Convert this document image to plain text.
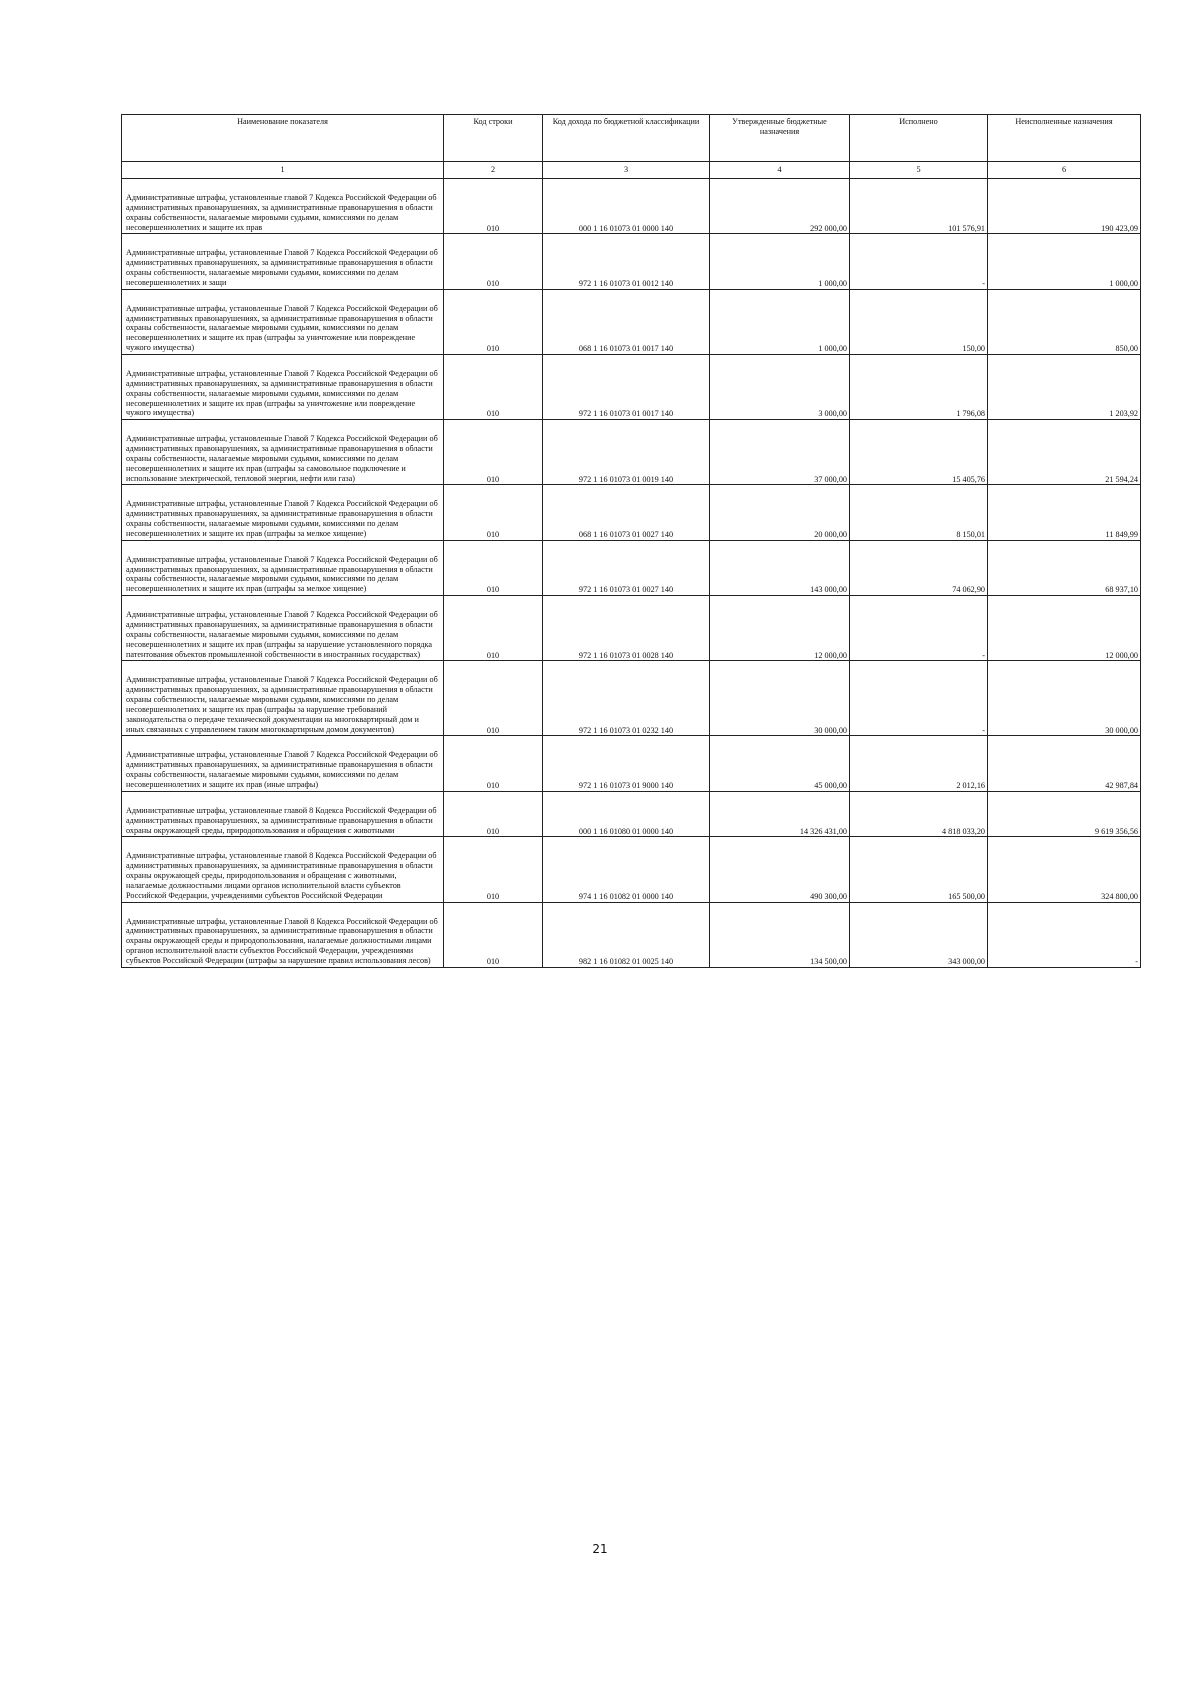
Наименование показателя	Код строки	Код дохода по бюджетной классификации	Утвержденные бюджетные назначения	Исполнено	Неисполненные назначения
1	2	3	4	5	6

Административные штрафы, установленные главой 7 Кодекса Российской Федерации об административных правонарушениях, за административные правонарушения в области охраны собственности, налагаемые мировыми судьями, комиссиями по делам несовершеннолетних и защите их прав	010	000 1 16 01073 01 0000 140	292 000,00	101 576,91	190 423,09

Административные штрафы, установленные Главой 7 Кодекса Российской Федерации об административных правонарушениях, за административные правонарушения в области охраны собственности, налагаемые мировыми судьями, комиссиями по делам несовершеннолетних и защи	010	972 1 16 01073 01 0012 140	1 000,00	-	1 000,00

Административные штрафы, установленные Главой 7 Кодекса Российской Федерации об административных правонарушениях, за административные правонарушения в области охраны собственности, налагаемые мировыми судьями, комиссиями по делам несовершеннолетних и защите их прав (штрафы за уничтожение или повреждение чужого имущества)	010	068 1 16 01073 01 0017 140	1 000,00	150,00	850,00

Административные штрафы, установленные Главой 7 Кодекса Российской Федерации об административных правонарушениях, за административные правонарушения в области охраны собственности, налагаемые мировыми судьями, комиссиями по делам несовершеннолетних и защите их прав (штрафы за уничтожение или повреждение чужого имущества)	010	972 1 16 01073 01 0017 140	3 000,00	1 796,08	1 203,92

Административные штрафы, установленные Главой 7 Кодекса Российской Федерации об административных правонарушениях, за административные правонарушения в области охраны собственности, налагаемые мировыми судьями, комиссиями по делам несовершеннолетних и защите их прав (штрафы за самовольное подключение и использование электрической, тепловой энергии, нефти или газа)	010	972 1 16 01073 01 0019 140	37 000,00	15 405,76	21 594,24

Административные штрафы, установленные Главой 7 Кодекса Российской Федерации об административных правонарушениях, за административные правонарушения в области охраны собственности, налагаемые мировыми судьями, комиссиями по делам несовершеннолетних и защите их прав (штрафы за мелкое хищение)	010	068 1 16 01073 01 0027 140	20 000,00	8 150,01	11 849,99

Административные штрафы, установленные Главой 7 Кодекса Российской Федерации об административных правонарушениях, за административные правонарушения в области охраны собственности, налагаемые мировыми судьями, комиссиями по делам несовершеннолетних и защите их прав (штрафы за мелкое хищение)	010	972 1 16 01073 01 0027 140	143 000,00	74 062,90	68 937,10

Административные штрафы, установленные Главой 7 Кодекса Российской Федерации об административных правонарушениях, за административные правонарушения в области охраны собственности, налагаемые мировыми судьями, комиссиями по делам несовершеннолетних и защите их прав (штрафы за нарушение установленного порядка патентования объектов промышленной собственности в иностранных государствах)	010	972 1 16 01073 01 0028 140	12 000,00	-	12 000,00

Административные штрафы, установленные Главой 7 Кодекса Российской Федерации об административных правонарушениях, за административные правонарушения в области охраны собственности, налагаемые мировыми судьями, комиссиями по делам несовершеннолетних и защите их прав (штрафы за нарушение требований законодательства о передаче технической документации на многоквартирный дом и иных связанных с управлением таким многоквартирным домом документов)	010	972 1 16 01073 01 0232 140	30 000,00	-	30 000,00

Административные штрафы, установленные Главой 7 Кодекса Российской Федерации об административных правонарушениях, за административные правонарушения в области охраны собственности, налагаемые мировыми судьями, комиссиями по делам несовершеннолетних и защите их прав (иные штрафы)	010	972 1 16 01073 01 9000 140	45 000,00	2 012,16	42 987,84

Административные штрафы, установленные главой 8 Кодекса Российской Федерации об административных правонарушениях, за административные правонарушения в области охраны окружающей среды, природопользования и обращения с животными	010	000 1 16 01080 01 0000 140	14 326 431,00	4 818 033,20	9 619 356,56

Административные штрафы, установленные главой 8 Кодекса Российской Федерации об административных правонарушениях, за административные правонарушения в области охраны окружающей среды, природопользования и обращения с животными, налагаемые должностными лицами органов исполнительной власти субъектов Российской Федерации, учреждениями субъектов Российской Федерации	010	974 1 16 01082 01 0000 140	490 300,00	165 500,00	324 800,00

Административные штрафы, установленные Главой 8 Кодекса Российской Федерации об административных правонарушениях, за административные правонарушения в области охраны окружающей среды и природопользования, налагаемые должностными лицами органов исполнительной власти субъектов Российской Федерации, учреждениями субъектов Российской Федерации (штрафы за нарушение правил использования лесов)	010	982 1 16 01082 01 0025 140	134 500,00	343 000,00	-
21
